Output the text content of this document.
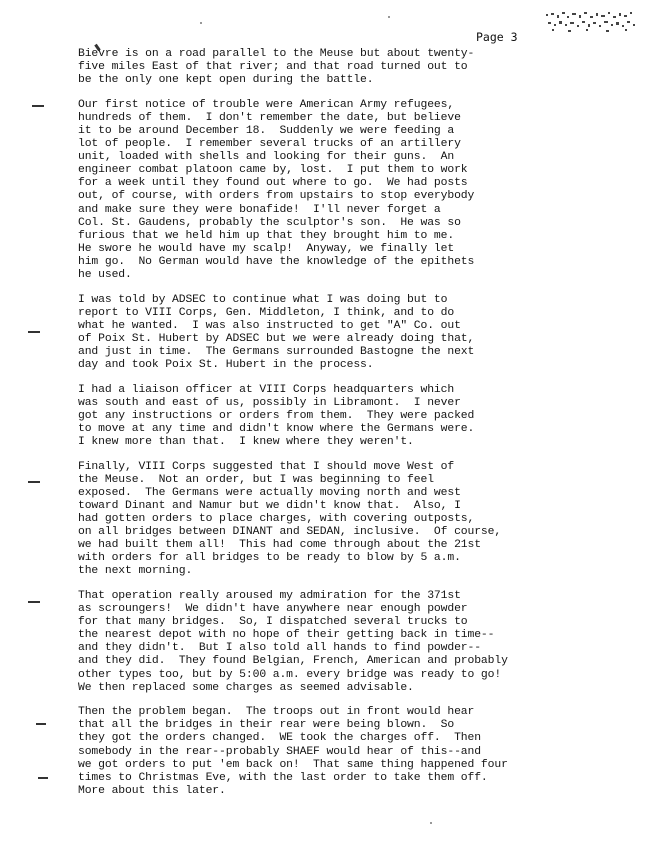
Page 3
Bievre is on a road parallel to the Meuse but about twenty-
five miles East of that river; and that road turned out to
be the only one kept open during the battle.
Our first notice of trouble were American Army refugees,
hundreds of them.  I don't remember the date, but believe
it to be around December 18.  Suddenly we were feeding a
lot of people.  I remember several trucks of an artillery
unit, loaded with shells and looking for their guns.  An
engineer combat platoon came by, lost.  I put them to work
for a week until they found out where to go.  We had posts
out, of course, with orders from upstairs to stop everybody
and make sure they were bonafide!  I'll never forget a
Col. St. Gaudens, probably the sculptor's son.  He was so
furious that we held him up that they brought him to me.
He swore he would have my scalp!  Anyway, we finally let
him go.  No German would have the knowledge of the epithets
he used.
I was told by ADSEC to continue what I was doing but to
report to VIII Corps, Gen. Middleton, I think, and to do
what he wanted.  I was also instructed to get "A" Co. out
of Poix St. Hubert by ADSEC but we were already doing that,
and just in time.  The Germans surrounded Bastogne the next
day and took Poix St. Hubert in the process.
I had a liaison officer at VIII Corps headquarters which
was south and east of us, possibly in Libramont.  I never
got any instructions or orders from them.  They were packed
to move at any time and didn't know where the Germans were.
I knew more than that.  I knew where they weren't.
Finally, VIII Corps suggested that I should move West of
the Meuse.  Not an order, but I was beginning to feel
exposed.  The Germans were actually moving north and west
toward Dinant and Namur but we didn't know that.  Also, I
had gotten orders to place charges, with covering outposts,
on all bridges between DINANT and SEDAN, inclusive.  Of course,
we had built them all!  This had come through about the 21st
with orders for all bridges to be ready to blow by 5 a.m.
the next morning.
That operation really aroused my admiration for the 371st
as scroungers!  We didn't have anywhere near enough powder
for that many bridges.  So, I dispatched several trucks to
the nearest depot with no hope of their getting back in time--
and they didn't.  But I also told all hands to find powder--
and they did.  They found Belgian, French, American and probably
other types too, but by 5:00 a.m. every bridge was ready to go!
We then replaced some charges as seemed advisable.
Then the problem began.  The troops out in front would hear
that all the bridges in their rear were being blown.  So
they got the orders changed.  WE took the charges off.  Then
somebody in the rear--probably SHAEF would hear of this--and
we got orders to put 'em back on!  That same thing happened four
times to Christmas Eve, with the last order to take them off.
More about this later.
